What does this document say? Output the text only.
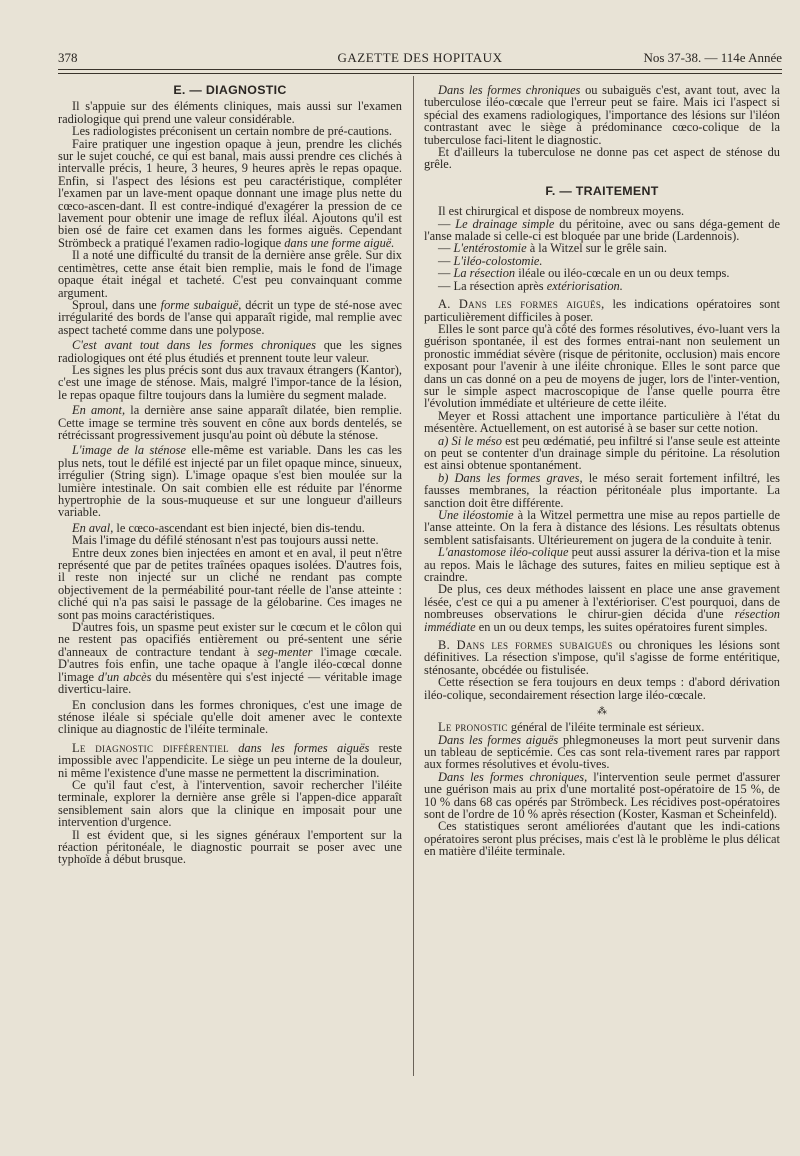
378	GAZETTE DES HOPITAUX	Nos 37-38. — 114e Année
E. — DIAGNOSTIC

Il s'appuie sur des éléments cliniques, mais aussi sur l'examen radiologique qui prend une valeur considérable.

Les radiologistes préconisent un certain nombre de pré-cautions.

Faire pratiquer une ingestion opaque à jeun, prendre les clichés sur le sujet couché, ce qui est banal, mais aussi prendre ces clichés à intervalle précis, 1 heure, 3 heures, 9 heures après le repas opaque. Enfin, si l'aspect des lésions est peu caractéristique, compléter l'examen par un lave-ment opaque donnant une image plus nette du cœco-ascen-dant. Il est contre-indiqué d'exagérer la pression de ce lavement pour obtenir une image de reflux iléal. Ajoutons qu'il est bien osé de faire cet examen dans les formes aiguës. Cependant Strömbeck a pratiqué l'examen radio-logique dans une forme aiguë.

Il a noté une difficulté du transit de la dernière anse grêle. Sur dix centimètres, cette anse était bien remplie, mais le fond de l'image opaque était inégal et tacheté. C'est peu convainquant comme argument.

Sproul, dans une forme subaiguë, décrit un type de sté-nose avec irrégularité des bords de l'anse qui apparaît rigide, mal remplie avec aspect tacheté comme dans une polypose.

C'est avant tout dans les formes chroniques que les signes radiologiques ont été plus étudiés et prennent toute leur valeur.

Les signes les plus précis sont dus aux travaux étrangers (Kantor), c'est une image de sténose. Mais, malgré l'impor-tance de la lésion, le repas opaque filtre toujours dans la lumière du segment malade.

En amont, la dernière anse saine apparaît dilatée, bien remplie. Cette image se termine très souvent en cône aux bords dentelés, se rétrécissant progressivement jusqu'au point où débute la sténose.

L'image de la sténose elle-même est variable. Dans les cas les plus nets, tout le défilé est injecté par un filet opaque mince, sinueux, irrégulier (String sign). L'image opaque s'est bien moulée sur la lumière intestinale. On sait combien elle est réduite par l'énorme hypertrophie de la sous-muqueuse et sur une longueur d'ailleurs variable.

En aval, le cœco-ascendant est bien injecté, bien dis-tendu.

Mais l'image du défilé sténosant n'est pas toujours aussi nette.

Entre deux zones bien injectées en amont et en aval, il peut n'être représenté que par de petites traînées opaques isolées. D'autres fois, il reste non injecté sur un cliché ne rendant pas compte objectivement de la perméabilité pour-tant réelle de l'anse atteinte : cliché qui n'a pas saisi le passage de la gélobarine. Ces images ne sont pas moins caractéristiques.

D'autres fois, un spasme peut exister sur le cœcum et le côlon qui ne restent pas opacifiés entièrement ou pré-sentent une série d'anneaux de contracture tendant à seg-menter l'image cœcale. D'autres fois enfin, une tache opaque à l'angle iléo-cœcal donne l'image d'un abcès du mésentère qui s'est injecté — véritable image diverticu-laire.

En conclusion dans les formes chroniques, c'est une image de sténose iléale si spéciale qu'elle doit amener avec le contexte clinique au diagnostic de l'iléite terminale.

Le diagnostic différentiel dans les formes aiguës reste impossible avec l'appendicite. Le siège un peu interne de la douleur, ni même l'existence d'une masse ne permettent la discrimination.

Ce qu'il faut c'est, à l'intervention, savoir rechercher l'iléite terminale, explorer la dernière anse grêle si l'appen-dice apparaît sensiblement sain alors que la clinique en imposait pour une intervention d'urgence.

Il est évident que, si les signes généraux l'emportent sur la réaction péritonéale, le diagnostic pourrait se poser avec une typhoïde à début brusque.

Dans les formes chroniques ou subaiguës c'est, avant tout, avec la tuberculose iléo-cœcale que l'erreur peut se faire. Mais ici l'aspect si spécial des examens radiologiques, l'importance des lésions sur l'iléon contrastant avec le siège à prédominance cœco-colique de la tuberculose faci-litent le diagnostic.

Et d'ailleurs la tuberculose ne donne pas cet aspect de sténose du grêle.

F. — TRAITEMENT

Il est chirurgical et dispose de nombreux moyens.

— Le drainage simple du péritoine, avec ou sans déga-gement de l'anse malade si celle-ci est bloquée par une bride (Lardennois).

— L'entérostomie à la Witzel sur le grêle sain.

— L'iléo-colostomie.

— La résection iléale ou iléo-cœcale en un ou deux temps.

— La résection après extériorisation.

A. Dans les formes aiguës, les indications opératoires sont particulièrement difficiles à poser.

Elles le sont parce qu'à côté des formes résolutives, évo-luant vers la guérison spontanée, il est des formes entrai-nant non seulement un pronostic immédiat sévère (risque de péritonite, occlusion) mais encore exposant pour l'avenir à une iléite chronique. Elles le sont parce que dans un cas donné on a peu de moyens de juger, lors de l'inter-vention, sur le simple aspect macroscopique de l'anse quelle pourra être l'évolution immédiate et ultérieure de cette iléite.

Meyer et Rossi attachent une importance particulière à l'état du mésentère. Actuellement, on est autorisé à se baser sur cette notion.

a) Si le méso est peu œdématié, peu infiltré si l'anse seule est atteinte on peut se contenter d'un drainage simple du péritoine. La résolution est ainsi obtenue spontanément.

b) Dans les formes graves, le méso serait fortement infiltré, les fausses membranes, la réaction péritonéale plus importante. La sanction doit être différente.

Une iléostomie à la Witzel permettra une mise au repos partielle de l'anse atteinte. On la fera à distance des lésions. Les résultats obtenus semblent satisfaisants. Ultérieurement on jugera de la conduite à tenir.

L'anastomose iléo-colique peut aussi assurer la dériva-tion et la mise au repos. Mais le lâchage des sutures, faites en milieu septique est à craindre.

De plus, ces deux méthodes laissent en place une anse gravement lésée, c'est ce qui a pu amener à l'extérioriser. C'est pourquoi, dans de nombreuses observations le chirur-gien décida d'une résection immédiate en un ou deux temps, les suites opératoires furent simples.

B. Dans les formes subaiguës ou chroniques les lésions sont définitives. La résection s'impose, qu'il s'agisse de forme entéritique, sténosante, obcédée ou fistulisée.

Cette résection se fera toujours en deux temps : d'abord dérivation iléo-colique, secondairement résection large iléo-cœcale.

⁂

Le pronostic général de l'iléite terminale est sérieux.

Dans les formes aiguës phlegmoneuses la mort peut survenir dans un tableau de septicémie. Ces cas sont rela-tivement rares par rapport aux formes résolutives et évolu-tives.

Dans les formes chroniques, l'intervention seule permet d'assurer une guérison mais au prix d'une mortalité post-opératoire de 15 %, de 10 % dans 68 cas opérés par Strömbeck. Les récidives post-opératoires sont de l'ordre de 10 % après résection (Koster, Kasman et Scheinfeld).

Ces statistiques seront améliorées d'autant que les indi-cations opératoires seront plus précises, mais c'est là le problème le plus délicat en matière d'iléite terminale.
